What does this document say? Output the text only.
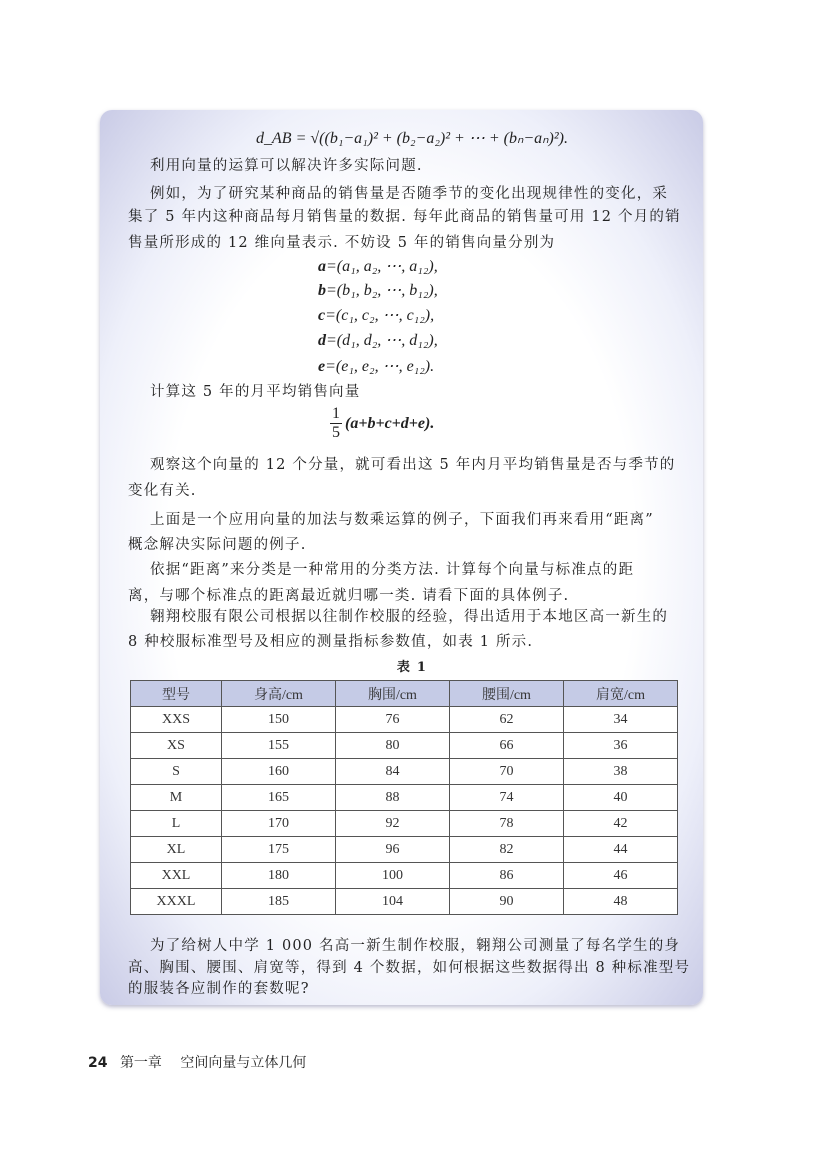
d_AB = √((b₁−a₁)² + (b₂−a₂)² + ⋯ + (bₙ−aₙ)²).
利用向量的运算可以解决许多实际问题.
例如，为了研究某种商品的销售量是否随季节的变化出现规律性的变化，采
集了 5 年内这种商品每月销售量的数据. 每年此商品的销售量可用 12 个月的销
售量所形成的 12 维向量表示. 不妨设 5 年的销售向量分别为
a=(a₁, a₂, ⋯, a₁₂),
b=(b₁, b₂, ⋯, b₁₂),
c=(c₁, c₂, ⋯, c₁₂),
d=(d₁, d₂, ⋯, d₁₂),
e=(e₁, e₂, ⋯, e₁₂).
计算这 5 年的月平均销售向量
$\frac{1}{5} (a+b+c+d+e)$.
观察这个向量的 12 个分量，就可看出这 5 年内月平均销售量是否与季节的
变化有关.
上面是一个应用向量的加法与数乘运算的例子，下面我们再来看用“距离”
概念解决实际问题的例子.
依据“距离”来分类是一种常用的分类方法. 计算每个向量与标准点的距
离，与哪个标准点的距离最近就归哪一类. 请看下面的具体例子.
翱翔校服有限公司根据以往制作校服的经验，得出适用于本地区高一新生的
8 种校服标准型号及相应的测量指标参数值，如表 1 所示.
表 1
型号	身高/cm	胸围/cm	腰围/cm	肩宽/cm
XXS	150	76	62	34
XS	155	80	66	36
S	160	84	70	38
M	165	88	74	40
L	170	92	78	42
XL	175	96	82	44
XXL	180	100	86	46
XXXL	185	104	90	48
为了给树人中学 1 000 名高一新生制作校服，翱翔公司测量了每名学生的身
高、胸围、腰围、肩宽等，得到 4 个数据，如何根据这些数据得出 8 种标准型号
的服装各应制作的套数呢?
24 第一章 空间向量与立体几何
